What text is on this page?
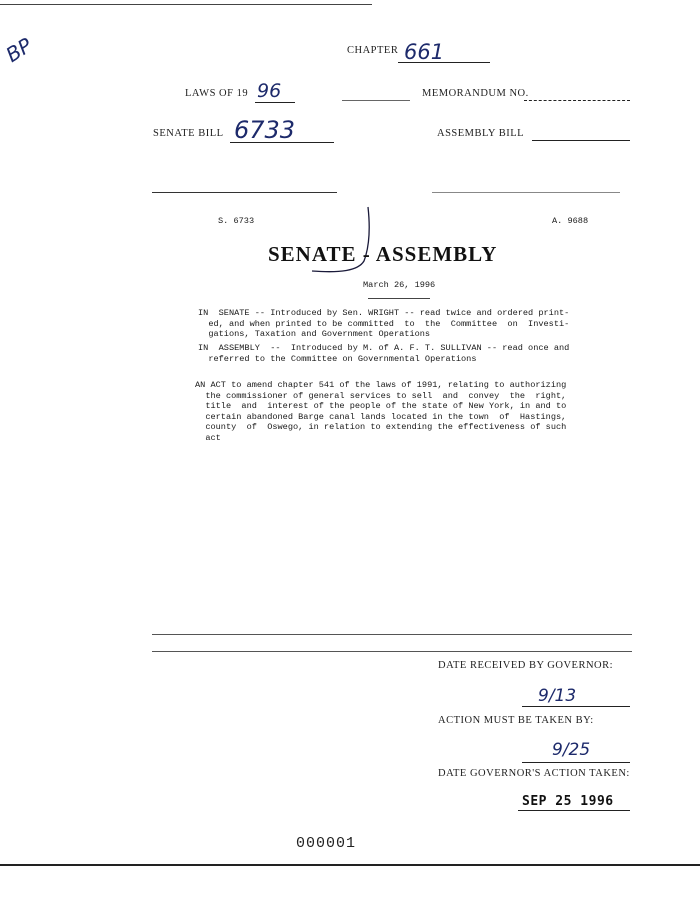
BP	CHAPTER 661
LAWS OF 19 96	MEMORANDUM NO.
SENATE BILL 6733	ASSEMBLY BILL
S. 6733	A. 9688
SENATE - ASSEMBLY
March 26, 1996
IN  SENATE -- Introduced by Sen. WRIGHT -- read twice and ordered print-
ed, and when printed to be committed  to  the  Committee  on  Investi-
gations, Taxation and Government Operations
IN  ASSEMBLY  --  Introduced by M. of A. F. T. SULLIVAN -- read once and
referred to the Committee on Governmental Operations
AN ACT to amend chapter 541 of the laws of 1991, relating to authorizing
the commissioner of general services to sell  and  convey  the  right,
title  and  interest of the people of the state of New York, in and to
certain abandoned Barge canal lands located in the town  of  Hastings,
county  of  Oswego, in relation to extending the effectiveness of such
act
DATE RECEIVED BY GOVERNOR:
9/13
ACTION MUST BE TAKEN BY:
9/25
DATE GOVERNOR'S ACTION TAKEN:
SEP 25 1996
000001
